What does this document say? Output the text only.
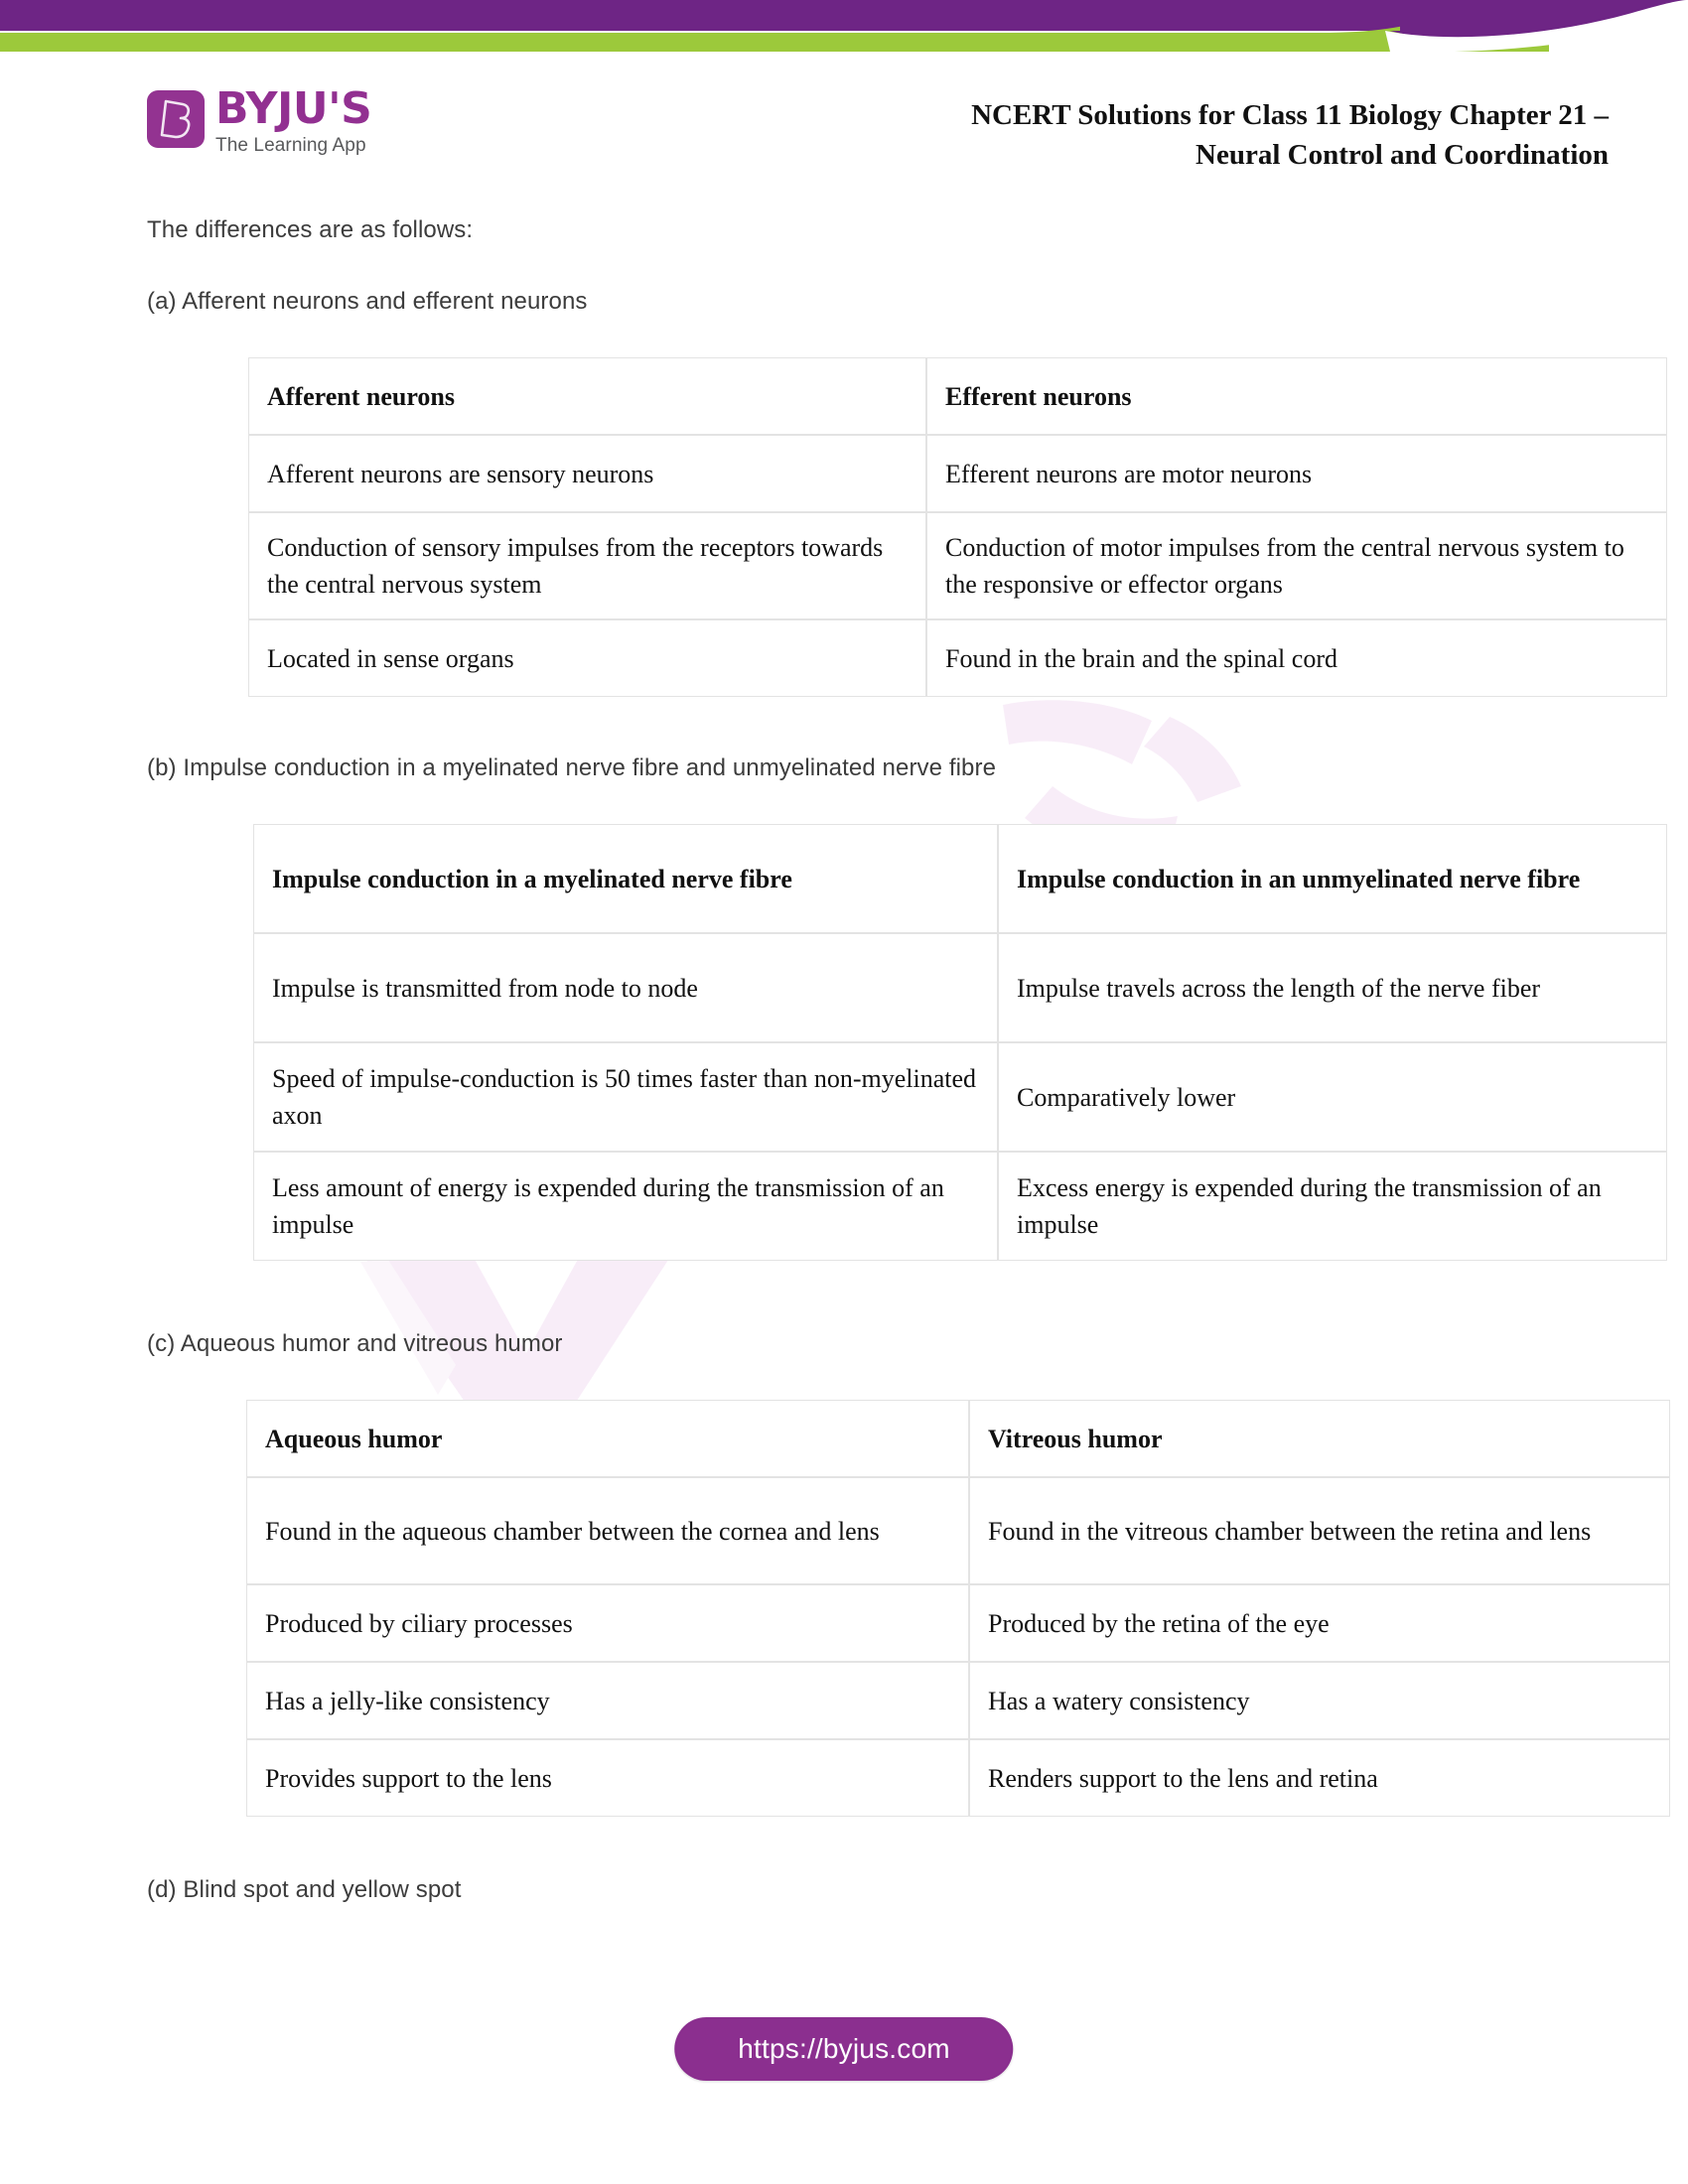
BYJU'S
The Learning App
NCERT Solutions for Class 11 Biology Chapter 21 –
Neural Control and Coordination
The differences are as follows:
(a) Afferent neurons and efferent neurons
Afferent neurons	Efferent neurons
Afferent neurons are sensory neurons	Efferent neurons are motor neurons
Conduction of sensory impulses from the receptors towards the central nervous system	Conduction of motor impulses from the central nervous system to the responsive or effector organs
Located in sense organs	Found in the brain and the spinal cord
(b) Impulse conduction in a myelinated nerve fibre and unmyelinated nerve fibre
Impulse conduction in a myelinated nerve fibre	Impulse conduction in an unmyelinated nerve fibre
Impulse is transmitted from node to node	Impulse travels across the length of the nerve fiber
Speed of impulse-conduction is 50 times faster than non-myelinated axon	Comparatively lower
Less amount of energy is expended during the transmission of an impulse	Excess energy is expended during the transmission of an impulse
(c) Aqueous humor and vitreous humor
Aqueous humor	Vitreous humor
Found in the aqueous chamber between the cornea and lens	Found in the vitreous chamber between the retina and lens
Produced by ciliary processes	Produced by the retina of the eye
Has a jelly-like consistency	Has a watery consistency
Provides support to the lens	Renders support to the lens and retina
(d) Blind spot and yellow spot
https://byjus.com
